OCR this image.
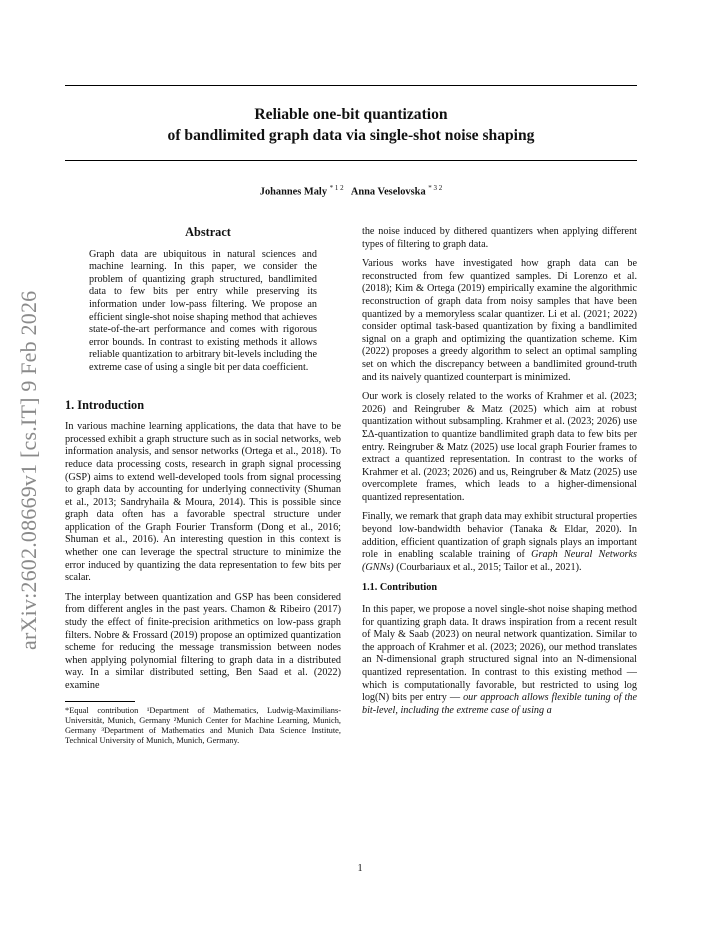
Reliable one-bit quantization
of bandlimited graph data via single-shot noise shaping
Johannes Maly $^{* 1 2}$ Anna Veselovska $^{* 3 2}$
arXiv:2602.08669v1 [cs.IT] 9 Feb 2026

Abstract

Graph data are ubiquitous in natural sciences and machine learning. In this paper, we consider the problem of quantizing graph structured, bandlimited data to few bits per entry while preserving its information under low-pass filtering. We propose an efficient single-shot noise shaping method that achieves state-of-the-art performance and comes with rigorous error bounds. In contrast to existing methods it allows reliable quantization to arbitrary bit-levels including the extreme case of using a single bit per data coefficient.

1. Introduction

In various machine learning applications, the data that have to be processed exhibit a graph structure such as in social networks, web information analysis, and sensor networks (Ortega et al., 2018). To reduce data processing costs, research in graph signal processing (GSP) aims to extend well-developed tools from signal processing to graph data by accounting for underlying connectivity (Shuman et al., 2013; Sandryhaila & Moura, 2014). This is possible since graph data often has a favorable spectral structure under application of the Graph Fourier Transform (Dong et al., 2016; Shuman et al., 2016). An interesting question in this context is whether one can leverage the spectral structure to minimize the error induced by quantizing the data representation to few bits per scalar.

The interplay between quantization and GSP has been considered from different angles in the past years. Chamon & Ribeiro (2017) study the effect of finite-precision arithmetics on low-pass graph filters. Nobre & Frossard (2019) propose an optimized quantization scheme for reducing the message transmission between nodes when applying polynomial filtering to graph data in a distributed way. In a similar distributed setting, Ben Saad et al. (2022) examine

*Equal contribution ¹Department of Mathematics, Ludwig-Maximilians-Universität, Munich, Germany ²Munich Center for Machine Learning, Munich, Germany ³Department of Mathematics and Munich Data Science Institute, Technical University of Munich, Munich, Germany.

the noise induced by dithered quantizers when applying different types of filtering to graph data.

Various works have investigated how graph data can be reconstructed from few quantized samples. Di Lorenzo et al. (2018); Kim & Ortega (2019) empirically examine the algorithmic reconstruction of graph data from noisy samples that have been quantized by a memoryless scalar quantizer. Li et al. (2021; 2022) consider optimal task-based quantization by fixing a bandlimited signal on a graph and optimizing the quantization scheme. Kim (2022) proposes a greedy algorithm to select an optimal sampling set on which the discrepancy between a bandlimited ground-truth and its naively quantized counterpart is minimized.

Our work is closely related to the works of Krahmer et al. (2023; 2026) and Reingruber & Matz (2025) which aim at robust quantization without subsampling. Krahmer et al. (2023; 2026) use ΣΔ-quantization to quantize bandlimited graph data to few bits per entry. Reingruber & Matz (2025) use local graph Fourier frames to extract a quantized representation. In contrast to the works of Krahmer et al. (2023; 2026) and us, Reingruber & Matz (2025) use overcomplete frames, which leads to a higher-dimensional quantized representation.

Finally, we remark that graph data may exhibit structural properties beyond low-bandwidth behavior (Tanaka & Eldar, 2020). In addition, efficient quantization of graph signals plays an important role in enabling scalable training of Graph Neural Networks (GNNs) (Courbariaux et al., 2015; Tailor et al., 2021).

1.1. Contribution

In this paper, we propose a novel single-shot noise shaping method for quantizing graph data. It draws inspiration from a recent result of Maly & Saab (2023) on neural network quantization. Similar to the approach of Krahmer et al. (2023; 2026), our method translates an N-dimensional graph structured signal into an N-dimensional quantized representation. In contrast to this existing method — which is computationally favorable, but restricted to using log log(N) bits per entry — our approach allows flexible tuning of the bit-level, including the extreme case of using a

1
